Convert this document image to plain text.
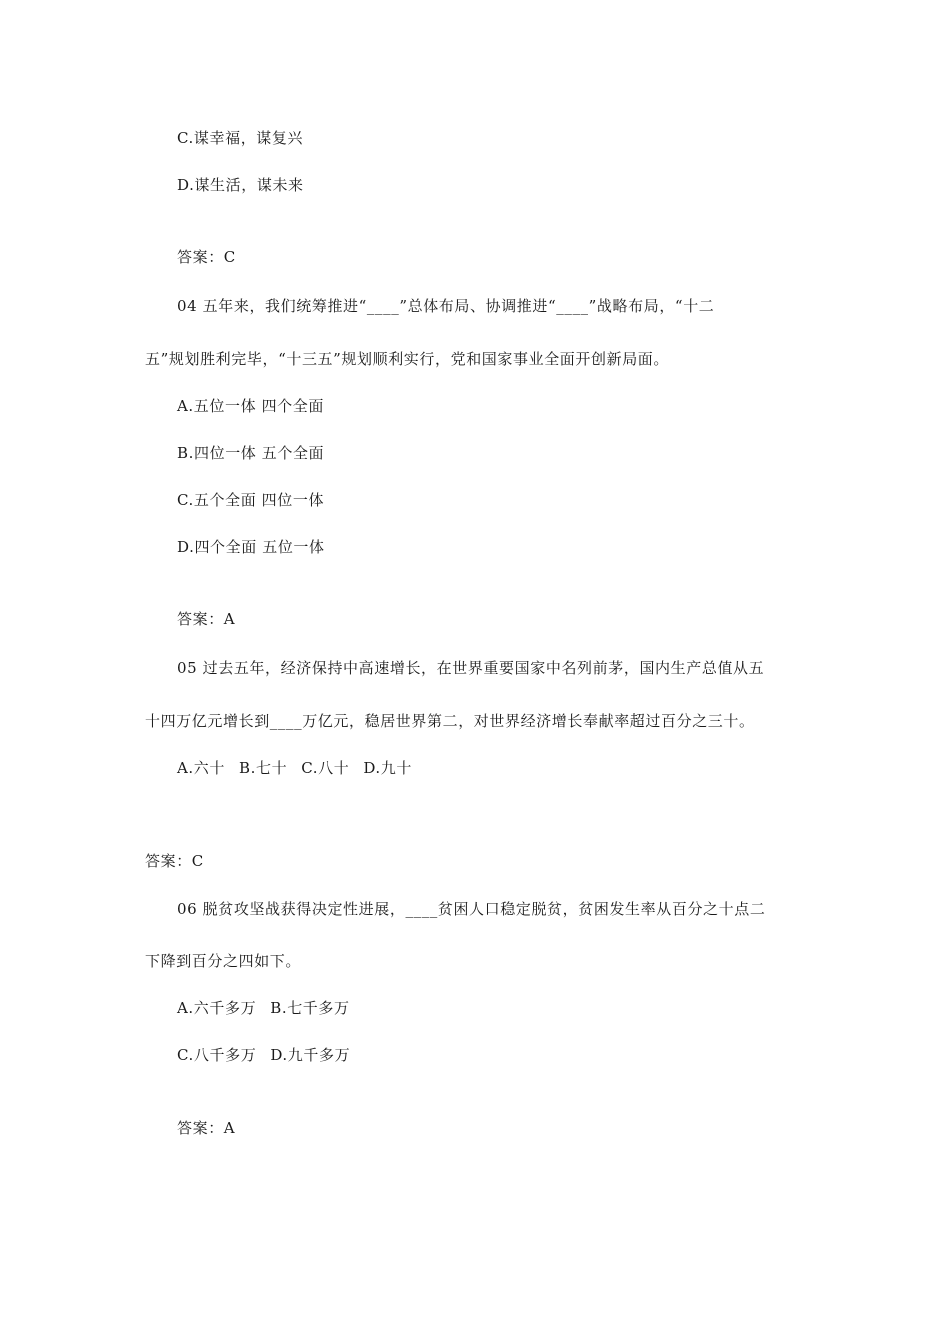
C.谋幸福，谋复兴
D.谋生活，谋未来
答案：C
04 五年来，我们统筹推进“____”总体布局、协调推进“____”战略布局，“十二
五”规划胜利完毕，“十三五”规划顺利实行，党和国家事业全面开创新局面。
A.五位一体 四个全面
B.四位一体 五个全面
C.五个全面 四位一体
D.四个全面 五位一体
答案：A
05 过去五年，经济保持中高速增长，在世界重要国家中名列前茅，国内生产总值从五
十四万亿元增长到____万亿元，稳居世界第二，对世界经济增长奉献率超过百分之三十。
A.六十 B.七十 C.八十 D.九十
答案：C
06 脱贫攻坚战获得决定性进展，____贫困人口稳定脱贫，贫困发生率从百分之十点二
下降到百分之四如下。
A.六千多万 B.七千多万
C.八千多万 D.九千多万
答案：A
